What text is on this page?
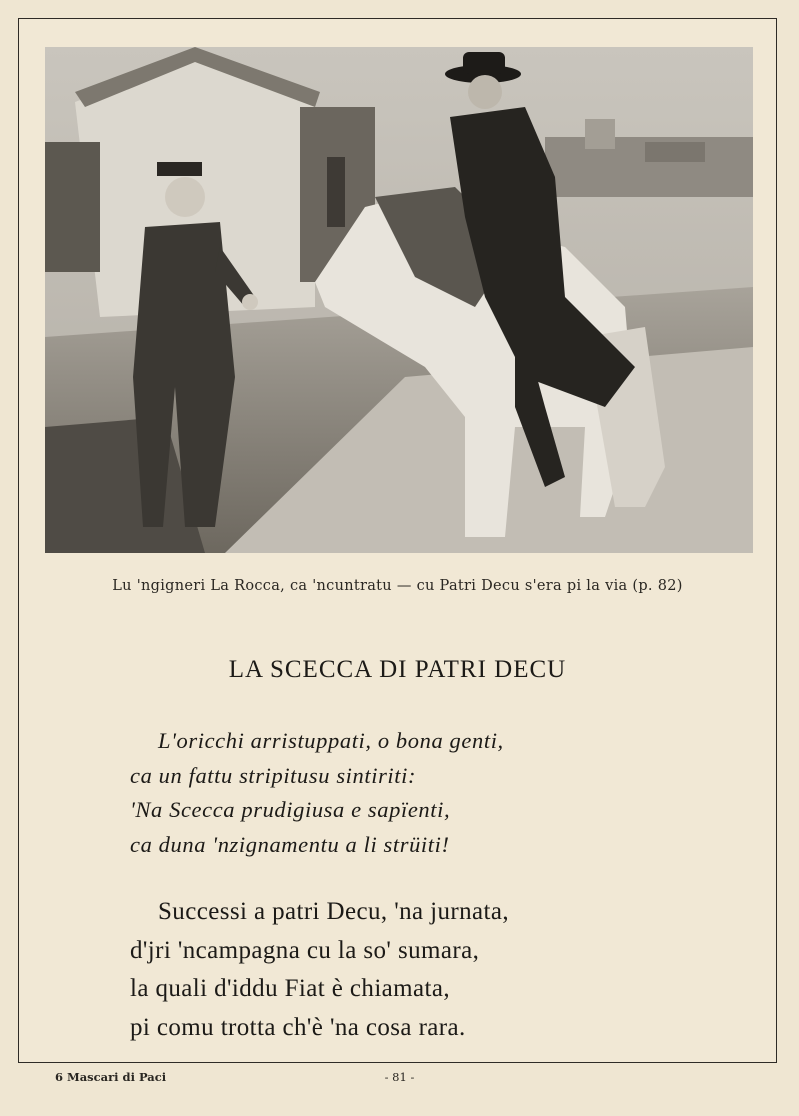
Lu 'ngigneri La Rocca, ca 'ncuntratu — cu Patri Decu s'era pi la via (p. 82)
LA SCECCA DI PATRI DECU
L'oricchi arristuppati, o bona genti,
ca un fattu stripitusu sintiriti:
'Na Scecca prudigiusa e sapïenti,
ca duna 'nzignamentu a li strüiti!
Successi a patri Decu, 'na jurnata,
d'jri 'ncampagna cu la so' sumara,
la quali d'iddu Fiat è chiamata,
pi comu trotta ch'è 'na cosa rara.
6 Mascari di Paci	- 81 -
